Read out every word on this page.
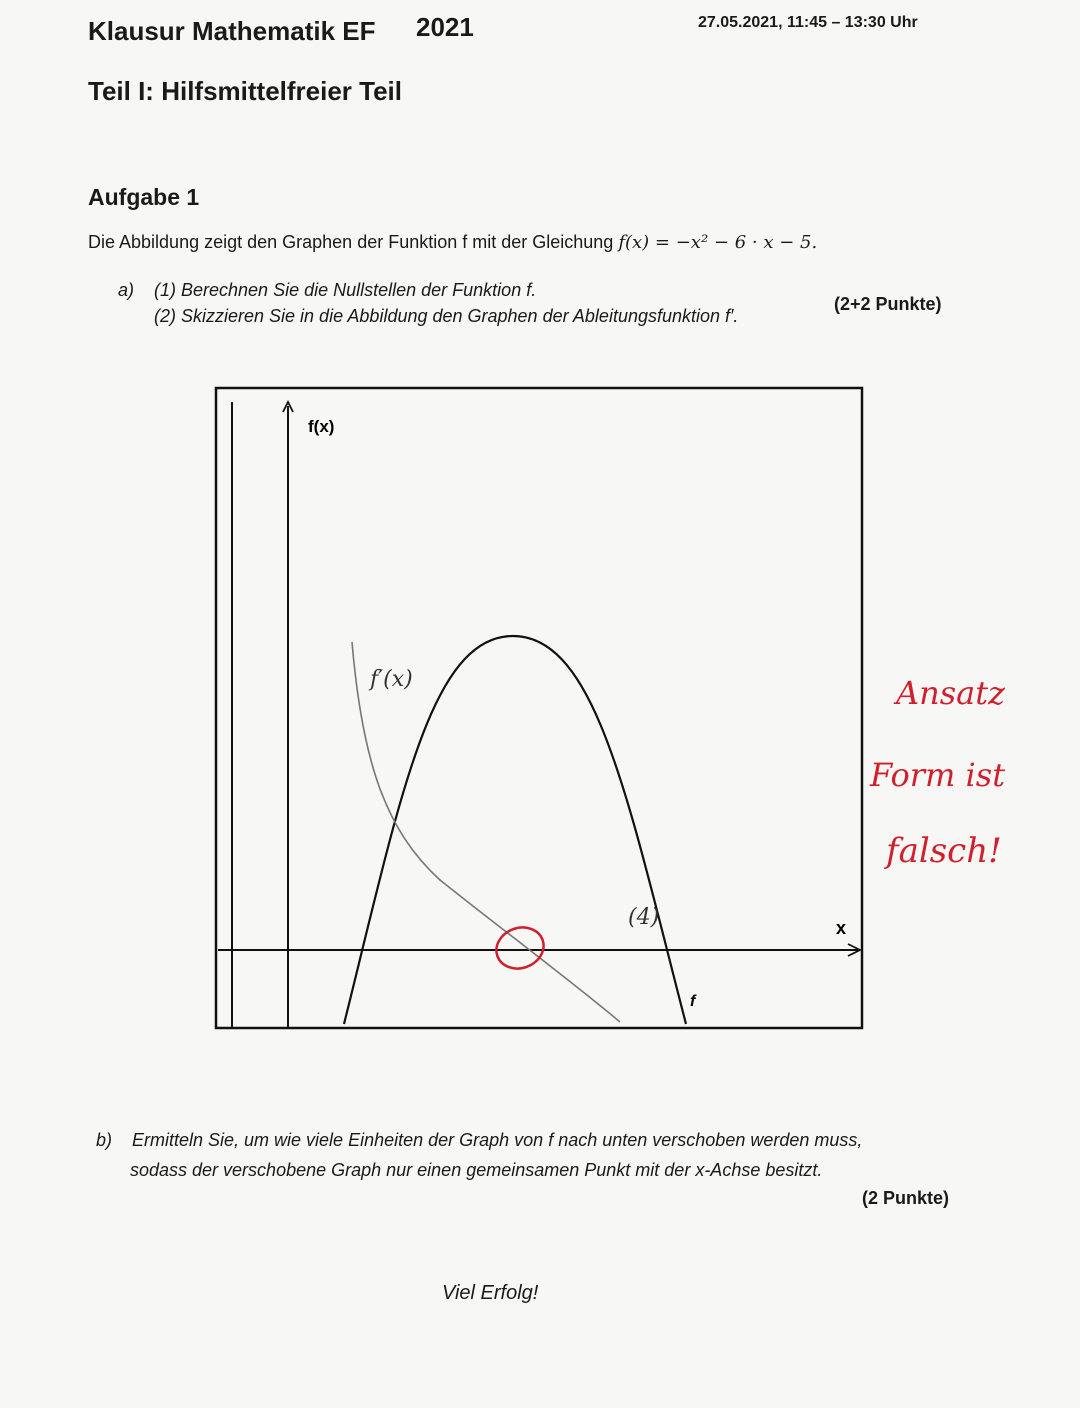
Klausur Mathematik EF 2021	27.05.2021, 11:45 – 13:30 Uhr
Teil I: Hilfsmittelfreier Teil
Aufgabe 1
Die Abbildung zeigt den Graphen der Funktion f mit der Gleichung f(x) = −x² − 6 · x − 5.
a) (1) Berechnen Sie die Nullstellen der Funktion f.
(2) Skizzieren Sie in die Abbildung den Graphen der Ableitungsfunktion f′.
(2+2 Punkte)
f(x)
x
f
f′(x)
(4)
Ansatz
Form ist
falsch!
b) Ermitteln Sie, um wie viele Einheiten der Graph von f nach unten verschoben werden muss,
sodass der verschobene Graph nur einen gemeinsamen Punkt mit der x-Achse besitzt.
(2 Punkte)
Viel Erfolg!
